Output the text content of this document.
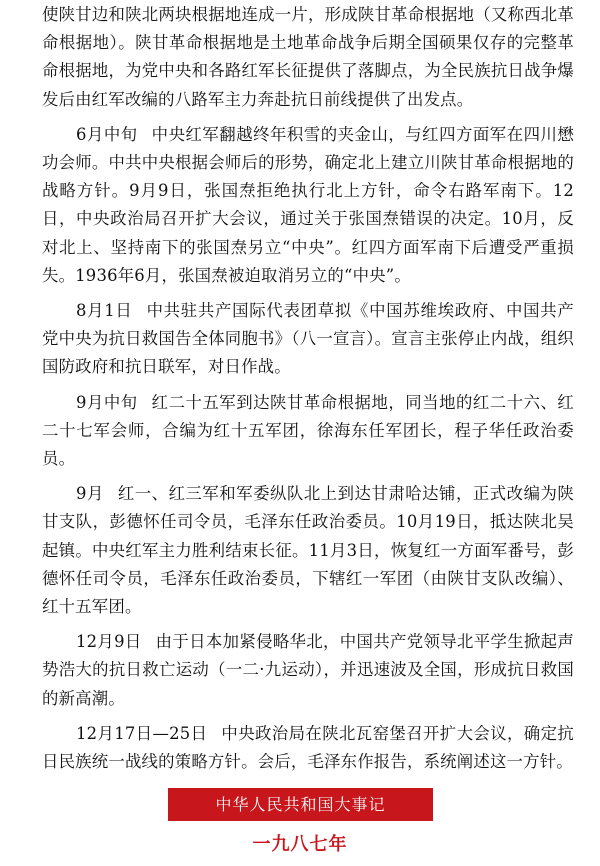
使陕甘边和陕北两块根据地连成一片，形成陕甘革命根据地（又称西北革命根据地）。陕甘革命根据地是土地革命战争后期全国硕果仅存的完整革命根据地，为党中央和各路红军长征提供了落脚点，为全民族抗日战争爆发后由红军改编的八路军主力奔赴抗日前线提供了出发点。

6月中旬 中央红军翻越终年积雪的夹金山，与红四方面军在四川懋功会师。中共中央根据会师后的形势，确定北上建立川陕甘革命根据地的战略方针。9月9日，张国焘拒绝执行北上方针，命令右路军南下。12日，中央政治局召开扩大会议，通过关于张国焘错误的决定。10月，反对北上、坚持南下的张国焘另立“中央”。红四方面军南下后遭受严重损失。1936年6月，张国焘被迫取消另立的“中央”。

8月1日 中共驻共产国际代表团草拟《中国苏维埃政府、中国共产党中央为抗日救国告全体同胞书》（八一宣言）。宣言主张停止内战，组织国防政府和抗日联军，对日作战。

9月中旬 红二十五军到达陕甘革命根据地，同当地的红二十六、红二十七军会师，合编为红十五军团，徐海东任军团长，程子华任政治委员。

9月 红一、红三军和军委纵队北上到达甘肃哈达铺，正式改编为陕甘支队，彭德怀任司令员，毛泽东任政治委员。10月19日，抵达陕北吴起镇。中央红军主力胜利结束长征。11月3日，恢复红一方面军番号，彭德怀任司令员，毛泽东任政治委员，下辖红一军团（由陕甘支队改编）、红十五军团。

12月9日 由于日本加紧侵略华北，中国共产党领导北平学生掀起声势浩大的抗日救亡运动（一二·九运动），并迅速波及全国，形成抗日救国的新高潮。

12月17日—25日 中央政治局在陕北瓦窑堡召开扩大会议，确定抗日民族统一战线的策略方针。会后，毛泽东作报告，系统阐述这一方针。

中华人民共和国大事记
一九八七年
